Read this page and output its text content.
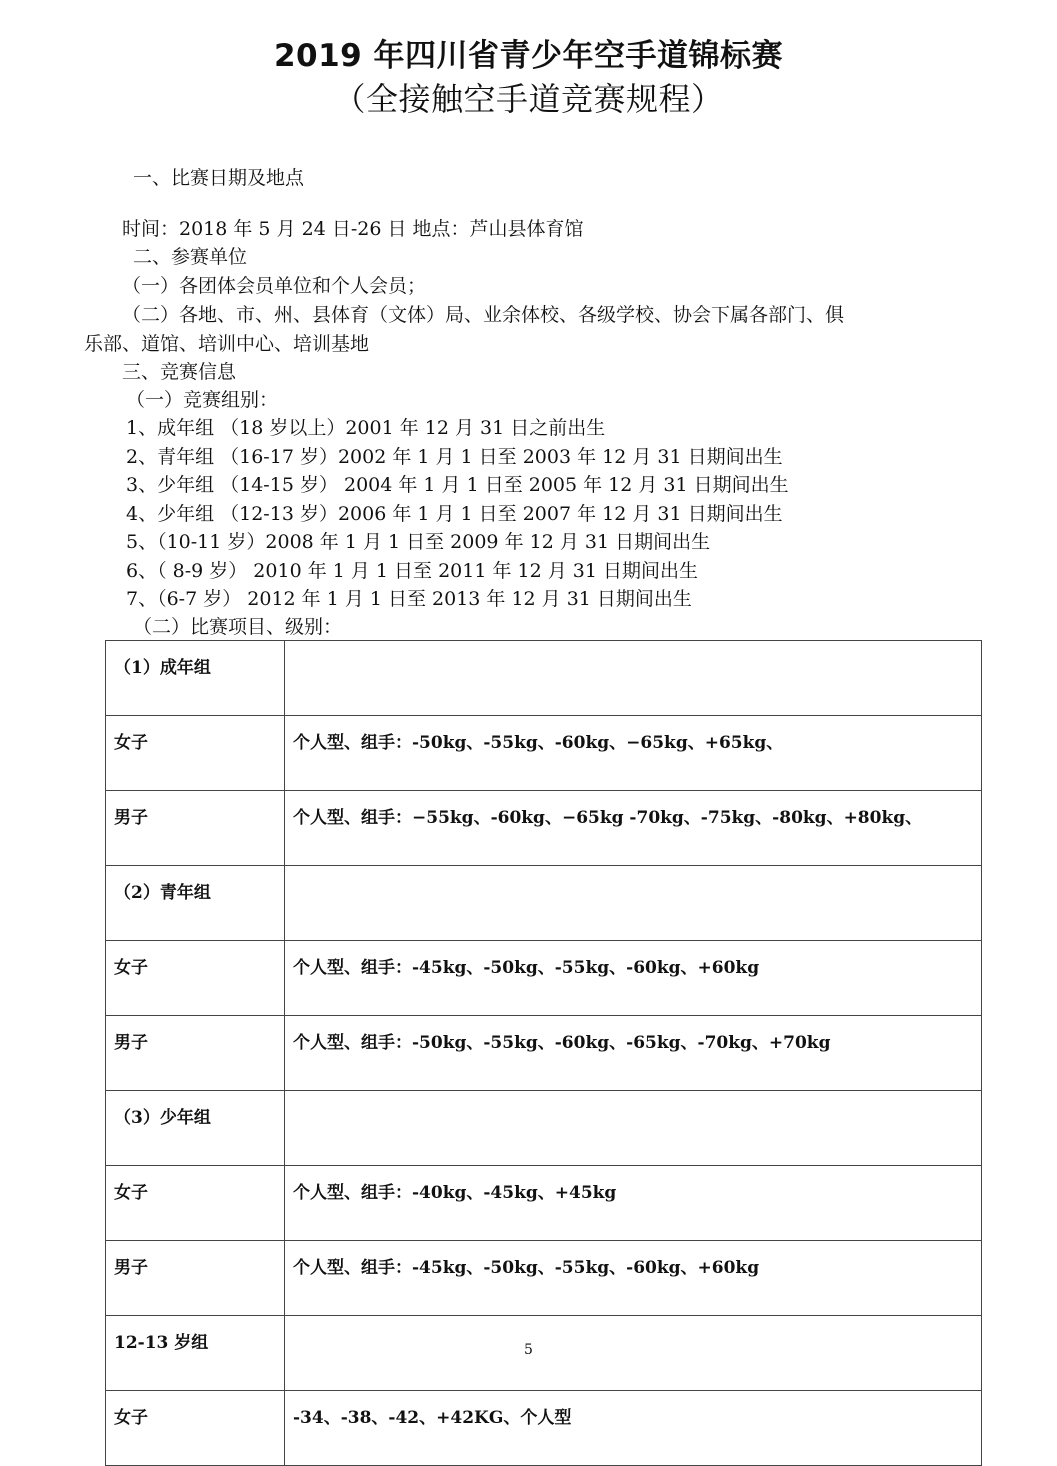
2019 年四川省青少年空手道锦标赛
（全接触空手道竞赛规程）
一、比赛日期及地点
时间：2018 年 5 月 24 日-26 日 地点：芦山县体育馆
二、参赛单位
（一）各团体会员单位和个人会员；
（二）各地、市、州、县体育（文体）局、业余体校、各级学校、协会下属各部门、俱
乐部、道馆、培训中心、培训基地
三、竞赛信息
（一）竞赛组别：
1、成年组 （18 岁以上）2001 年 12 月 31 日之前出生
2、青年组 （16-17 岁）2002 年 1 月 1 日至 2003 年 12 月 31 日期间出生
3、少年组 （14-15 岁） 2004 年 1 月 1 日至 2005 年 12 月 31 日期间出生
4、少年组 （12-13 岁）2006 年 1 月 1 日至 2007 年 12 月 31 日期间出生
5、（10-11 岁）2008 年 1 月 1 日至 2009 年 12 月 31 日期间出生
6、（ 8-9 岁） 2010 年 1 月 1 日至 2011 年 12 月 31 日期间出生
7、（6-7 岁） 2012 年 1 月 1 日至 2013 年 12 月 31 日期间出生
（二）比赛项目、级别：
（1）成年组	
女子	个人型、组手：-50kg、-55kg、-60kg、−65kg、+65kg、
男子	个人型、组手：−55kg、-60kg、−65kg -70kg、-75kg、-80kg、+80kg、
（2）青年组	
女子	个人型、组手：-45kg、-50kg、-55kg、-60kg、+60kg
男子	个人型、组手：-50kg、-55kg、-60kg、-65kg、-70kg、+70kg
（3）少年组	
女子	个人型、组手：-40kg、-45kg、+45kg
男子	个人型、组手：-45kg、-50kg、-55kg、-60kg、+60kg
12-13 岁组	
女子	-34、-38、-42、+42KG、个人型
5
